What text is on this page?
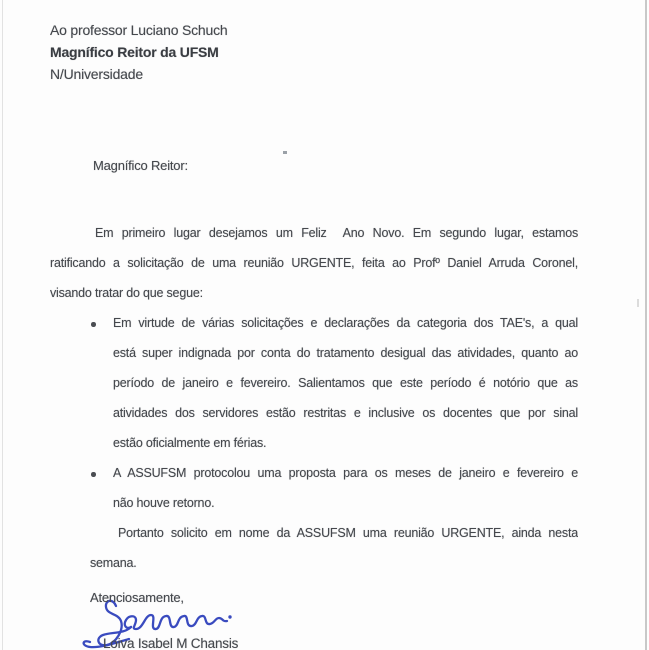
Ao professor Luciano Schuch
Magnífico Reitor da UFSM
N/Universidade
Magnífico Reitor:
Em primeiro lugar desejamos um Feliz  Ano Novo. Em segundo lugar, estamos
ratificando a solicitação de uma reunião URGENTE, feita ao Profº Daniel Arruda Coronel,
visando tratar do que segue:
Em virtude de várias solicitações e declarações da categoria dos TAE's, a qual
está super indignada por conta do tratamento desigual das atividades, quanto ao
período de janeiro e fevereiro. Salientamos que este período é notório que as
atividades dos servidores estão restritas e inclusive os docentes que por sinal
estão oficialmente em férias.
A ASSUFSM protocolou uma proposta para os meses de janeiro e fevereiro e
não houve retorno.
Portanto solicito em nome da ASSUFSM uma reunião URGENTE, ainda nesta
semana.
Atenciosamente,
Loiva Isabel M Chansis
